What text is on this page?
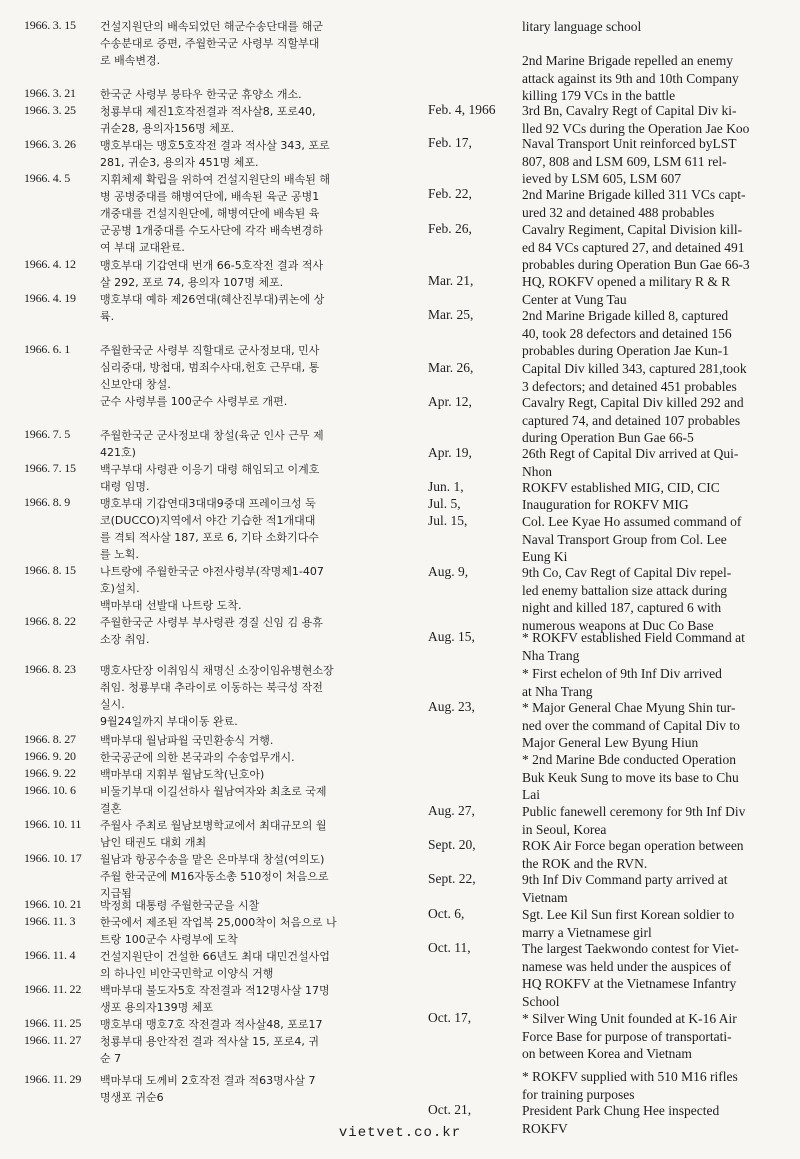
1966. 3. 15	건설지원단의 배속되었던 해군수송단대를 해군
수송분대로 증편, 주월한국군 사령부 직할부대
로 배속변경.
1966. 3. 21	한국군 사령부 붕타우 한국군 휴양소 개소.
1966. 3. 25	청룡부대 제진1호작전결과 적사살8, 포로40,
귀순28, 용의자156명 체포.
1966. 3. 26	맹호부대는 맹호5호작전 결과 적사살 343, 포로
281, 귀순3, 용의자 451명 체포.
1966. 4. 5	지휘체제 확립을 위하여 건설지원단의 배속된 해
병 공병중대를 해병여단에, 배속된 육군 공병1
개중대를 건설지원단에, 해병여단에 배속된 육
군공병 1개중대를 수도사단에 각각 배속변경하
여 부대 교대완료.
1966. 4. 12	맹호부대 기갑연대 번개 66-5호작전 결과 적사
살 292, 포로 74, 용의자 107명 체포.
1966. 4. 19	맹호부대 예하 제26연대(혜산진부대)퀴논에 상
륙.
1966. 6. 1	주월한국군 사령부 직할대로 군사정보대, 민사
심리중대, 방첩대, 범죄수사대,헌호 근무대, 통
신보안대 창설.
군수 사령부를 100군수 사령부로 개편.
1966. 7. 5	주월한국군 군사정보대 창설(육군 인사 근무 제
421호)
1966. 7. 15	백구부대 사령관 이응기 대령 해임되고 이계호
대령 임명.
1966. 8. 9	맹호부대 기갑연대3대대9중대 프레이크성 둑
코(DUCCO)지역에서 야간 기습한 적1개대대
를 격퇴 적사살 187, 포로 6, 기타 소화기다수
를 노획.
1966. 8. 15	나트랑에 주월한국군 야전사령부(작명제1-407
호)설치.
백마부대 선발대 나트랑 도착.
1966. 8. 22	주월한국군 사령부 부사령관 경질 신임 김 용휴
소장 취임.
1966. 8. 23	맹호사단장 이취임식 채명신 소장이임유병현소장
취임. 청룡부대 추라이로 이동하는 북극성 작전
실시.
9월24일까지 부대이동 완료.
1966. 8. 27	백마부대 월남파월 국민환송식 거행.
1966. 9. 20	한국공군에 의한 본국과의 수송업무개시.
1966. 9. 22	백마부대 지휘부 월남도착(닌호아)
1966. 10. 6	비둘기부대 이길선하사 월남여자와 최초로 국제
결혼
1966. 10. 11	주월사 주최로 월남보병학교에서 최대규모의 월
남인 태권도 대회 개최
1966. 10. 17	월남과 항공수송을 맡은 은마부대 창설(여의도)
주월 한국군에 M16자동소총 510정이 처음으로
지급됨
1966. 10. 21	박정희 대통령 주월한국군을 시찰
1966. 11. 3	한국에서 제조된 작업복 25,000착이 처음으로 나
트랑 100군수 사령부에 도착
1966. 11. 4	건설지원단이 건설한 66년도 최대 대민건설사업
의 하나인 비안국민학교 이양식 거행
1966. 11. 22	백마부대 불도자5호 작전결과 적12명사살 17명
생포 용의자139명 체포
1966. 11. 25	맹호부대 맹호7호 작전결과 적사살48, 포로17
1966. 11. 27	청룡부대 용안작전 결과 적사살 15, 포로4, 귀
순 7
1966. 11. 29	백마부대 도께비 2호작전 결과 적63명사살 7
명생포 귀순6
litary language school
2nd Marine Brigade repelled an enemy
attack against its 9th and 10th Company
killing 179 VCs in the battle
Feb. 4, 1966	3rd Bn, Cavalry Regt of Capital Div ki-
lled 92 VCs during the Operation Jae Koo
Feb. 17,	Naval Transport Unit reinforced byLST
807, 808 and LSM 609, LSM 611 rel-
ieved by LSM 605, LSM 607
Feb. 22,	2nd Marine Brigade killed 311 VCs capt-
ured 32 and detained 488 probables
Feb. 26,	Cavalry Regiment, Capital Division kill-
ed 84 VCs captured 27, and detained 491
probables during Operation Bun Gae 66-3
Mar. 21,	HQ, ROKFV opened a military R & R
Center at Vung Tau
Mar. 25,	2nd Marine Brigade killed 8, captured
40, took 28 defectors and detained 156
probables during Operation Jae Kun-1
Mar. 26,	Capital Div killed 343, captured 281,took
3 defectors; and detained 451 probables
Apr. 12,	Cavalry Regt, Capital Div killed 292 and
captured 74, and detained 107 probables
during Operation Bun Gae 66-5
Apr. 19,	26th Regt of Capital Div arrived at Qui-
Nhon
Jun. 1,	ROKFV established MIG, CID, CIC
Jul. 5,	Inauguration for ROKFV MIG
Jul. 15,	Col. Lee Kyae Ho assumed command of
Naval Transport Group from Col. Lee
Eung Ki
Aug. 9,	9th Co, Cav Regt of Capital Div repel-
led enemy battalion size attack during
night and killed 187, captured 6 with
numerous weapons at Duc Co Base
Aug. 15,	* ROKFV established Field Command at
Nha Trang
* First echelon of 9th Inf Div arrived
at Nha Trang
Aug. 23,	* Major General Chae Myung Shin tur-
ned over the command of Capital Div to
Major General Lew Byung Hiun
* 2nd Marine Bde conducted Operation
Buk Keuk Sung to move its base to Chu
Lai
Aug. 27,	Public fanewell ceremony for 9th Inf Div
in Seoul, Korea
Sept. 20,	ROK Air Force began operation between
the ROK and the RVN.
Sept. 22,	9th Inf Div Command party arrived at
Vietnam
Oct. 6,	Sgt. Lee Kil Sun first Korean soldier to
marry a Vietnamese girl
Oct. 11,	The largest Taekwondo contest for Viet-
namese was held under the auspices of
HQ ROKFV at the Vietnamese Infantry
School
Oct. 17,	* Silver Wing Unit founded at K-16 Air
Force Base for purpose of transportati-
on between Korea and Vietnam
* ROKFV supplied with 510 M16 rifles
for training purposes
Oct. 21,	President Park Chung Hee inspected
ROKFV
vietvet.co.kr
